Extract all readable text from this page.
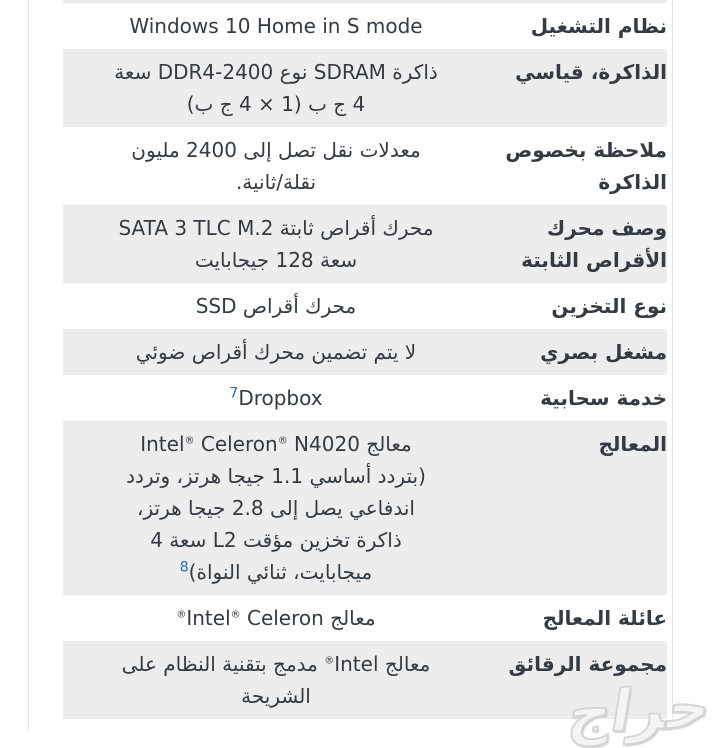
نظام التشغيل
Windows 10 Home in S mode
الذاكرة، قياسي
ذاكرة SDRAM نوع DDR4-2400 سعة
4 ج ب (1 × 4 ج ب)
ملاحظة بخصوص
الذاكرة
معدلات نقل تصل إلى 2400 مليون
نقلة/ثانية.
وصف محرك
الأقراص الثابتة
محرك أقراص ثابتة SATA 3 TLC M.2
سعة 128 جيجابايت
نوع التخزين
محرك أقراص SSD
مشغل بصري
لا يتم تضمين محرك أقراص ضوئي
خدمة سحابية
$^7$Dropbox
المعالج
معالج Intel® Celeron® N4020
(بتردد أساسي 1.1 جيجا هرتز، وتردد
اندفاعي يصل إلى 2.8 جيجا هرتز،
ذاكرة تخزين مؤقت L2 سعة 4
ميجابايت، ثنائي النواة)$^8$
عائلة المعالج
معالج Intel® Celeron®
مجموعة الرقائق
معالج Intel® مدمج بتقنية النظام على
الشريحة	حراج
